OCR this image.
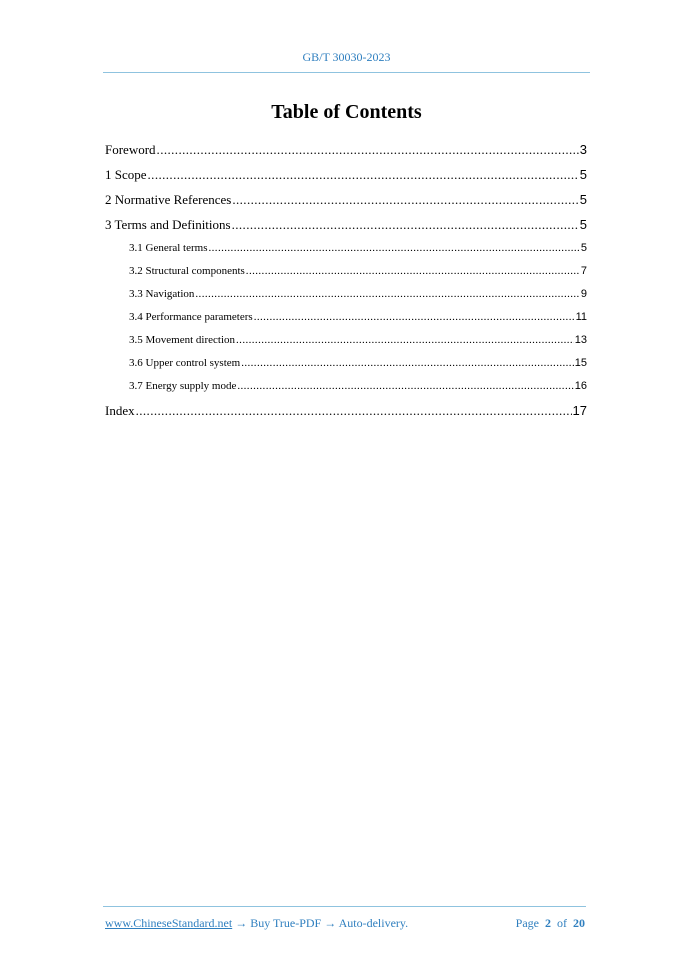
GB/T 30030-2023
Table of Contents
Foreword .....	3
1 Scope .....	5
2 Normative References .....	5
3 Terms and Definitions .....	5
3.1 General terms .....	5
3.2 Structural components .....	7
3.3 Navigation .....	9
3.4 Performance parameters .....	11
3.5 Movement direction .....	13
3.6 Upper control system .....	15
3.7 Energy supply mode .....	16
Index .....	17
www.ChineseStandard.net → Buy True-PDF → Auto-delivery.	Page 2 of 20
